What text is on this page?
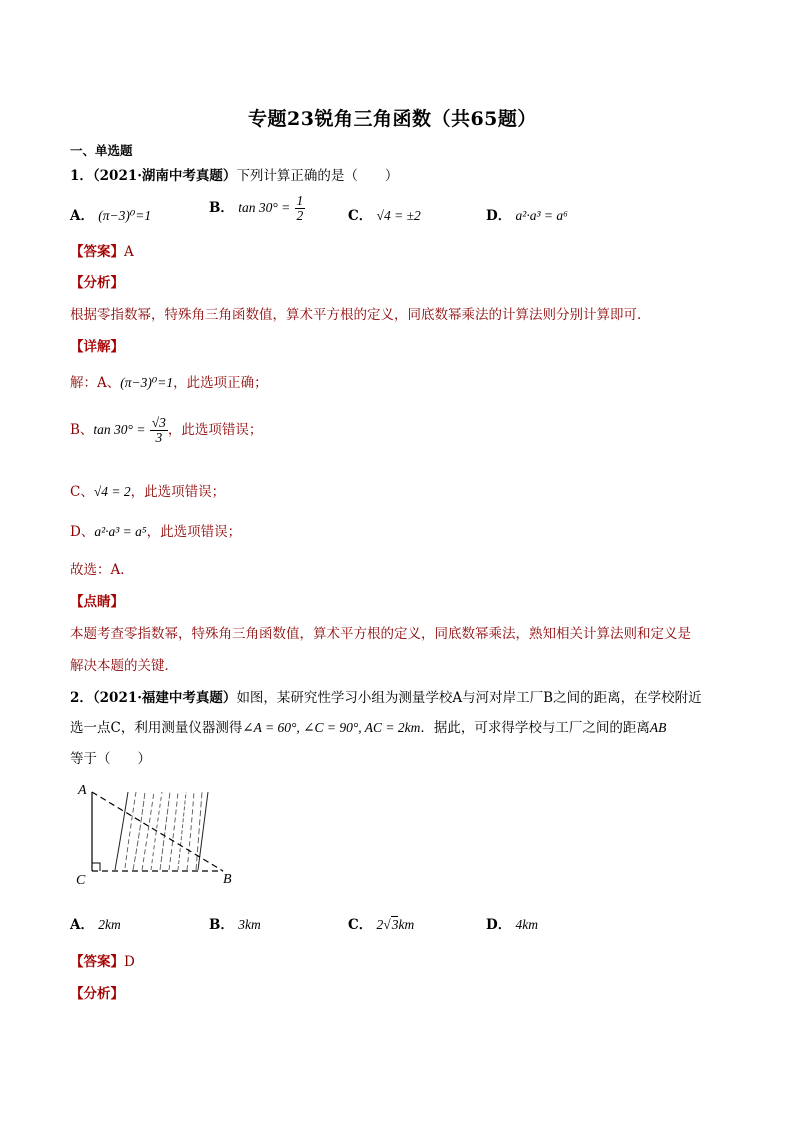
专题23锐角三角函数（共65题）
一、单选题
1．（2021·湖南中考真题）下列计算正确的是（　　）
A． (π−3)⁰=1	B． $\tan 30^\circ = \frac{1}{2}$	C． √4 = ±2	D． a²·a³ = a⁶
【答案】A
【分析】
根据零指数幂，特殊角三角函数值，算术平方根的定义，同底数幂乘法的计算法则分别计算即可．
【详解】
解：A、(π−3)⁰=1，此选项正确；
B、$\tan 30^\circ = \frac{√3}{3}$ ，此选项错误；
C、√4 = 2，此选项错误；
D、a²·a³ = a⁵，此选项错误；
故选：A．
【点睛】
本题考查零指数幂，特殊角三角函数值，算术平方根的定义，同底数幂乘法，熟知相关计算法则和定义是
解决本题的关键．
2．（2021·福建中考真题）如图，某研究性学习小组为测量学校A与河对岸工厂B之间的距离，在学校附近
选一点C，利用测量仪器测得∠A = 60°, ∠C = 90°, AC = 2km．据此，可求得学校与工厂之间的距离AB
等于（　　）
A
C	B
A． 2km	B． 3km	C． 2√3km	D． 4km
【答案】D
【分析】
